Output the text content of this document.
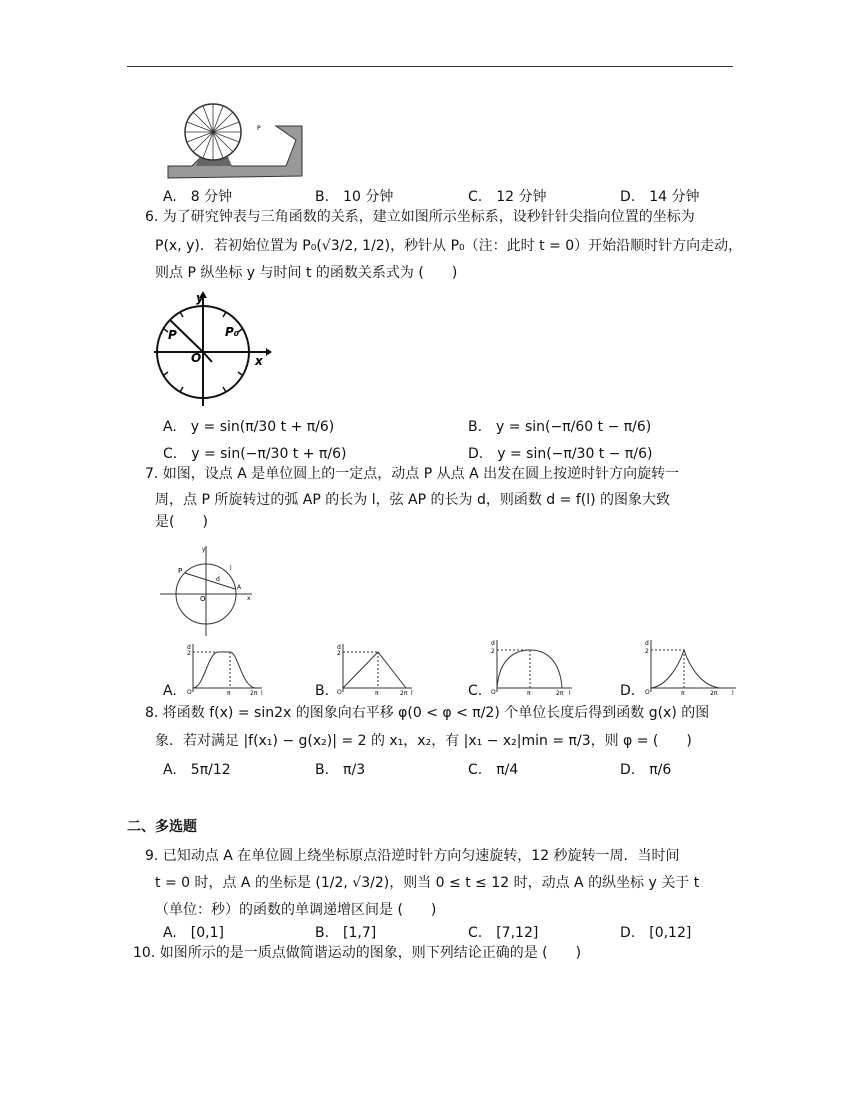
P
A.　8 分钟	B.　10 分钟	C.　12 分钟	D.　14 分钟
6. 为了研究钟表与三角函数的关系，建立如图所示坐标系，设秒针针尖指向位置的坐标为
P(x, y)．若初始位置为 P₀(√3/2, 1/2)，秒针从 P₀（注：此时 t = 0）开始沿顺时针方向走动，
则点 P 纵坐标 y 与时间 t 的函数关系式为 (　　)
y
x
O
P	P₀
A.　y = sin(π/30 t + π/6)	B.　y = sin(−π/60 t − π/6)
C.　y = sin(−π/30 t + π/6)	D.　y = sin(−π/30 t − π/6)
7. 如图，设点 A 是单位圆上的一定点，动点 P 从点 A 出发在圆上按逆时针方向旋转一
周，点 P 所旋转过的弧 AP 的长为 l，弦 AP 的长为 d，则函数 d = f(l) 的图象大致
是(　　)
y
x
O
P
A
d
l
A.
d
2
O	π	2π l	B.
d
2
O	π	2π l	C.
d
2
O	π	2π l	D.
d
2
O	π	2π l
8. 将函数 f(x) = sin2x 的图象向右平移 φ(0 < φ < π/2) 个单位长度后得到函数 g(x) 的图
象．若对满足 |f(x₁) − g(x₂)| = 2 的 x₁，x₂，有 |x₁ − x₂|min = π/3，则 φ = (　　)
A.　5π/12	B.　π/3	C.　π/4	D.　π/6
二、多选题
9. 已知动点 A 在单位圆上绕坐标原点沿逆时针方向匀速旋转，12 秒旋转一周．当时间
t = 0 时，点 A 的坐标是 (1/2, √3/2)，则当 0 ≤ t ≤ 12 时，动点 A 的纵坐标 y 关于 t
（单位：秒）的函数的单调递增区间是 (　　)
A.　[0,1]	B.　[1,7]	C.　[7,12]	D.　[0,12]
10. 如图所示的是一质点做简谐运动的图象，则下列结论正确的是 (　　)
